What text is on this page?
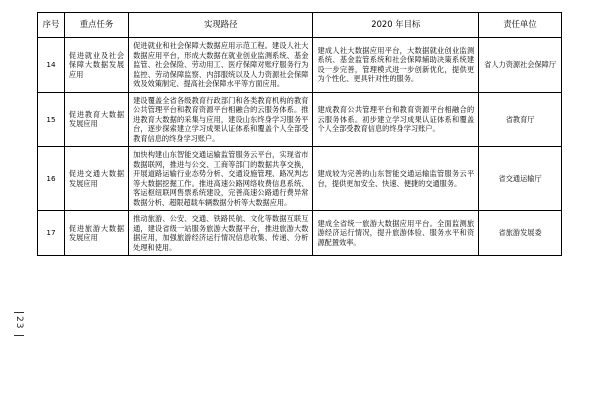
23
序号	重点任务	实现路径	2020 年目标	责任单位
14	促进就业及社会保障大数据发展应用	促进就业和社会保障大数据应用示范工程。建设人社大数据应用平台，形成大数据在就业创业监测系统、基金监管、社会保险、劳动用工、医疗保障对账疗服务行为监控、劳动保障监察、内部服统以及人力资源社会保障效及效策制定、提高社会保障水平等方面应用。	建成人社大数据应用平台，大数据就业创业监测系统、基金监管系统和社会保障辅助决策系统建设一步完善，管理模式进一步创新优化，提供更为个性化、更具针对性的服务。	省人力资源社会保障厅
15	促进教育大数据发展应用	建设覆盖全省各级教育行政部门和各类教育机构的教育公共管理平台和教育资源平台相融合的云服务体系。推进教育大数据的采集与应用，建设山东终身学习服务平台，逐步探索建立学习成果认证体系和覆盖个人全部受教育信息的终身学习账户。	建成教育公共管理平台和教育资源平台相融合的云服务体系。初步建立学习成果认证体系和覆盖个人全部受教育信息的终身学习账户。	省教育厅
16	促进交通大数据发展应用	加快构建山东智能交通运输监管服务云平台，实现省市数据联网，推进与公交、工商等部门的数据共享交换，开展道路运输行业态势分析、交通设施管理、路况判志等大数据挖掘工作。推进高速公路网络收费信息系统、客运枢纽联网售票系统建设，完善高速公路通行费异常数据分析、超限超载车辆数据分析等大数据应用。	建成较为完善的山东智能交通运输监管服务云平台，提供更加安全、快速、便捷的交通服务。	省交通运输厅
17	促进旅游大数据发展应用	推动旅游、公安、交通、铁路民航、文化等数据互联互通，建设省级一站服务旅游大数据平台，推进旅游大数据应用，加强旅游经济运行情况信息收集、传递、分析处理和使用。	建成全省统一旅游大数据应用平台。全面监测旅游经济运行情况，提升旅游体验、服务水平和资源配置效率。	省旅游发展委
